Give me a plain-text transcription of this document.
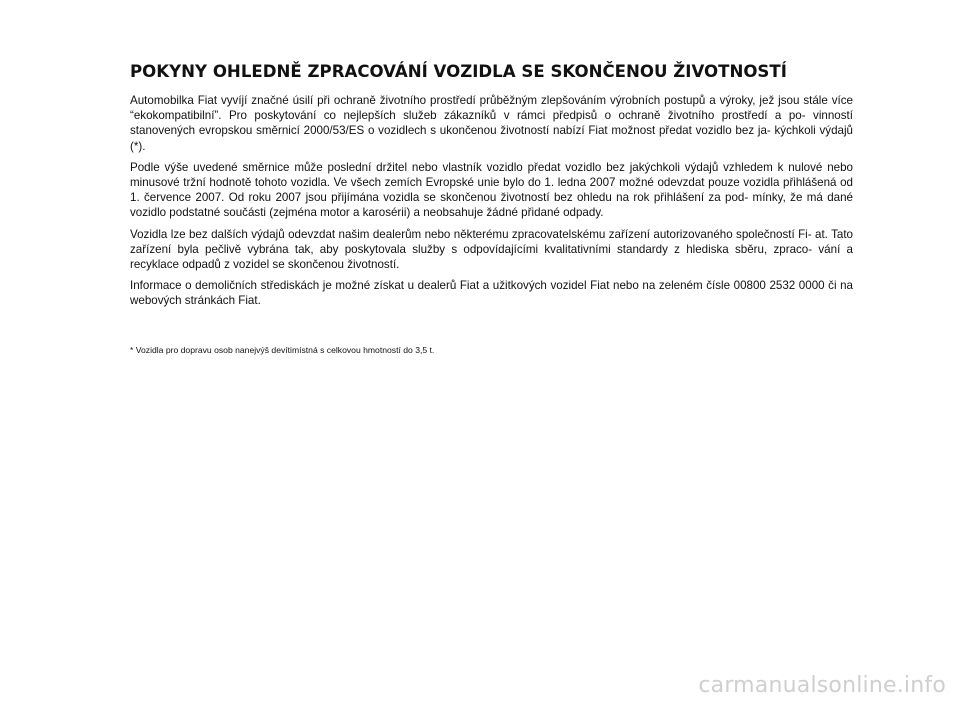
POKYNY OHLEDNĚ ZPRACOVÁNÍ VOZIDLA SE SKONČENOU ŽIVOTNOSTÍ

Automobilka Fiat vyvíjí značné úsilí při ochraně životního prostředí průběžným zlepšováním výrobních postupů a výroky, jež jsou stále více “ekokompatibilní”. Pro poskytování co nejlepších služeb zákazníků v rámci předpisů o ochraně životního prostředí a po- vinností stanovených evropskou směrnicí 2000/53/ES o vozidlech s ukončenou životností nabízí Fiat možnost předat vozidlo bez ja- kýchkoli výdajů (*).

Podle výše uvedené směrnice může poslední držitel nebo vlastník vozidlo předat vozidlo bez jakýchkoli výdajů vzhledem k nulové nebo minusové tržní hodnotě tohoto vozidla. Ve všech zemích Evropské unie bylo do 1. ledna 2007 možné odevzdat pouze vozidla přihlášená od 1. července 2007. Od roku 2007 jsou přijímána vozidla se skončenou životností bez ohledu na rok přihlášení za pod- mínky, že má dané vozidlo podstatné součásti (zejména motor a karosérii) a neobsahuje žádné přidané odpady.

Vozidla lze bez dalších výdajů odevzdat našim dealerům nebo některému zpracovatelskému zařízení autorizovaného společností Fi- at. Tato zařízení byla pečlivě vybrána tak, aby poskytovala služby s odpovídajícími kvalitativními standardy z hlediska sběru, zpraco- vání a recyklace odpadů z vozidel se skončenou životností.

Informace o demoličních střediskách je možné získat u dealerů Fiat a užitkových vozidel Fiat nebo na zeleném čísle 00800 2532 0000 či na webových stránkách Fiat.

* Vozidla pro dopravu osob nanejvýš devítimístná s celkovou hmotností do 3,5 t.
carmanualsonline.info
